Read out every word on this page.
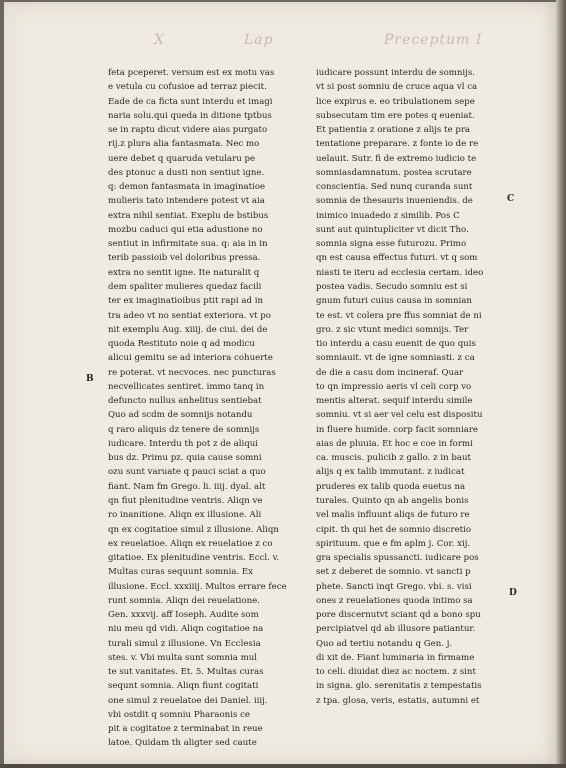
X	Lap	Preceptum I
feta pceperet. versum est ex motu vas
e vetula cu cofusioe ad terraz piecit.
Eade de ca ficta sunt interdu et imagi
naria solu.qui queda in ditione tptbus
se in raptu dicut videre aias purgato
rij.z plura alia fantasmata. Nec mo
uere debet q quaruda vetularu pe
des ptonuc a dusti non sentiut igne.
q: demon fantasmata in imaginatioe
mulieris tato intendere potest vt aia
extra nihil sentiat. Exeplu de bstibus
mozbu caduci qui etia adustione no
sentiut in infirmitate sua. q: aia in in
terib passioib vel doloribus pressa.
extra no sentit igne. Ite naturalit q
dem spaliter mulieres quedaz facili
ter ex imaginatioibus ptit rapi ad in
tra adeo vt no sentiat exteriora. vt po
nit exemplu Aug. xiiij. de ciui. dei de
quoda Restituto noie q ad modicu
alicui gemitu se ad interiora cohuerte
re poterat. vt necvoces. nec puncturas
necvellicates sentiret. immo tanq in
defuncto nullus anhelitus sentiebat
Quo ad scdm de somnijs notandu
q raro aliquis dz tenere de somnijs
iudicare. Interdu th pot z de aliqui
bus dz. Primu pz. quia cause somni
ozu sunt varuate q pauci sciat a quo
fiant. Nam fm Grego. li. iiij. dyal. alt
qn fiut plenitudine ventris. Aliqn ve
ro inanitione. Aliqn ex illusione. Ali
qn ex cogitatioe simul z illusione. Aliqn
ex reuelatioe. Aliqn ex reuelatioe z co
gitatioe. Ex plenitudine ventris. Eccl. v.
Multas curas sequunt somnia. Ex
illusione. Eccl. xxxiiij. Multos errare fece
runt somnia. Aliqn dei reuelatione.
Gen. xxxvij. aff Ioseph. Audite som
niu meu qd vidi. Aliqn cogitatioe na
turali simul z illusione. Vn Ecclesia
stes. v. Vbi multa sunt somnia mul
te sut vanitates. Et. 5. Multas curas
sequnt somnia. Aliqn fiunt cogitati
one simul z reuelatoe dei Daniel. iiij.
vbi ostdit q somniu Pharaonis ce
pit a cogitatoe z terminabat in reue
latoe. Quidam th aligter sed caute
iudicare possunt interdu de somnijs.
vt si post somniu de cruce aqua vl ca
lice expirus e. eo tribulationem sepe
subsecutam tim ere potes q eueniat.
Et patientia z oratione z alijs te pra
tentatione preparare. z fonte io de re
uelauit. Sutr. fi de extremo iudicio te
somniasdamnatum. postea scrutare
conscientia. Sed nunq curanda sunt
somnia de thesauris inueniendis. de
inimico inuadedo z similib. Pos C
sunt aut quintupliciter vt dicit Tho.
somnia signa esse futurozu. Primo
qn est causa effectus futuri. vt q som
niasti te iteru ad ecclesia certam. ideo
postea vadis. Secudo somniu est si
gnum futuri cuius causa in somnian
te est. vt colera pre ffus somniat de ni
gro. z sic vtunt medici somnijs. Ter
tio interdu a casu euenit de quo quis
somniauit. vt de igne somniasti. z ca
de die a casu dom incineraf. Quar
to qn impressio aeris vl celi corp vo
mentis alterat. sequif interdu simile
somniu. vt si aer vel celu est dispositu
in fluere humide. corp facit somniare
aias de pluuia. Et hoc e coe in formi
ca. muscis. pulicib z gallo. z in baut
alijs q ex talib immutant. z iudicat
pruderes ex talib quoda euetus na
turales. Quinto qn ab angelis bonis
vel malis influunt aliqs de futuro re
cipit. th qui het de somnio discretio
spirituum. que e fm aplm j. Cor. xij.
gra specialis spussancti. iudicare pos
set z deberet de somnio. vt sancti p
phete. Sancti inqt Grego. vbi. s. visi
ones z reuelationes quoda intimo sa
pore discernutvt sciant qd a bono spu
percipiatvel qd ab illusore patiantur.
Quo ad tertiu notandu q Gen. j.
di xit de. Fiant luminaria in firmame
to celi. diuidat diez ac noctem. z sint
in signa. glo. serenitatis z tempestatis
z tpa. glosa, veris, estatis, autumni et
B
C
D
